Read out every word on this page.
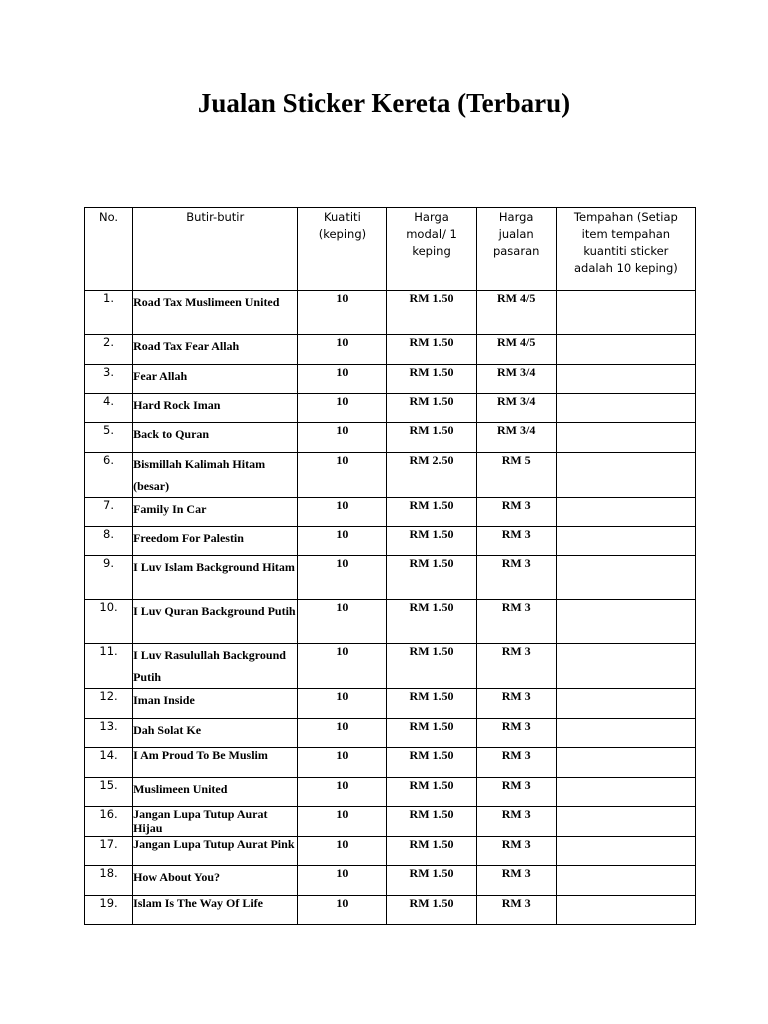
Jualan Sticker Kereta (Terbaru)
No.	Butir-butir	Kuatiti (keping)	Harga modal/ 1 keping	Harga jualan pasaran	Tempahan (Setiap item tempahan kuantiti sticker adalah 10 keping)
1.	Road Tax Muslimeen United	10	RM 1.50	RM 4/5	
2.	Road Tax Fear Allah	10	RM 1.50	RM 4/5	
3.	Fear Allah	10	RM 1.50	RM 3/4	
4.	Hard Rock Iman	10	RM 1.50	RM 3/4	
5.	Back to Quran	10	RM 1.50	RM 3/4	
6.	Bismillah Kalimah Hitam (besar)	10	RM 2.50	RM 5	
7.	Family In Car	10	RM 1.50	RM 3	
8.	Freedom For Palestin	10	RM 1.50	RM 3	
9.	I Luv Islam Background Hitam	10	RM 1.50	RM 3	
10.	I Luv Quran Background Putih	10	RM 1.50	RM 3	
11.	I Luv Rasulullah Background Putih	10	RM 1.50	RM 3	
12.	Iman Inside	10	RM 1.50	RM 3	
13.	Dah Solat Ke	10	RM 1.50	RM 3	
14.	I Am Proud To Be Muslim	10	RM 1.50	RM 3	
15.	Muslimeen United	10	RM 1.50	RM 3	
16.	Jangan Lupa Tutup Aurat Hijau	10	RM 1.50	RM 3	
17.	Jangan Lupa Tutup Aurat Pink	10	RM 1.50	RM 3	
18.	How About You?	10	RM 1.50	RM 3	
19.	Islam Is The Way Of Life	10	RM 1.50	RM 3	
